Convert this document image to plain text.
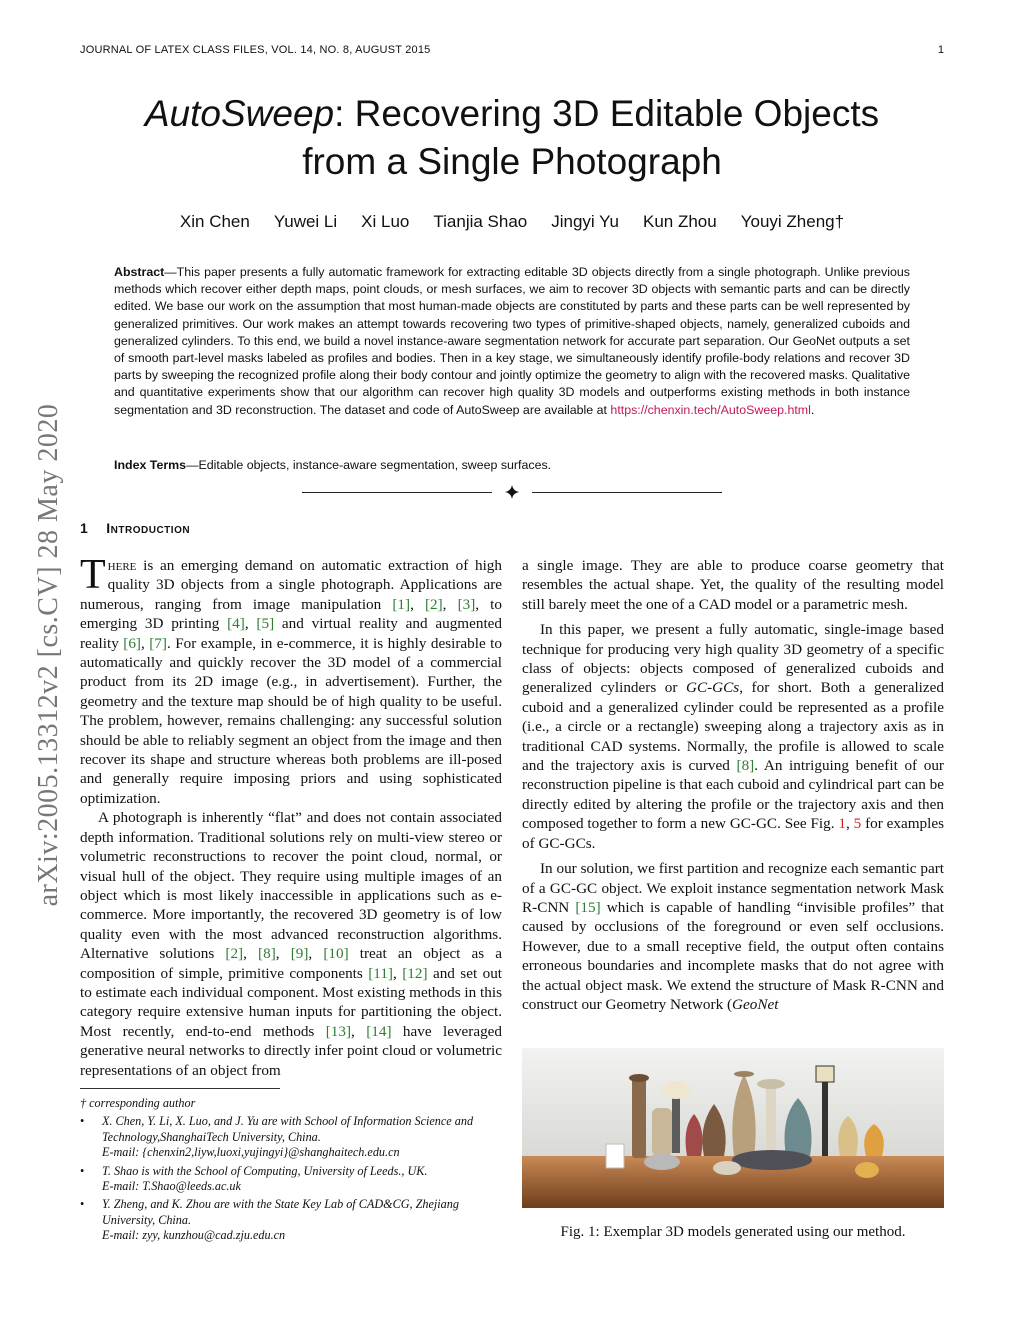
JOURNAL OF LATEX CLASS FILES, VOL. 14, NO. 8, AUGUST 2015	1
arXiv:2005.13312v2 [cs.CV] 28 May 2020
AutoSweep: Recovering 3D Editable Objects
from a Single Photograph
Xin Chen Yuwei Li Xi Luo Tianjia Shao Jingyi Yu Kun Zhou Youyi Zheng†
Abstract—This paper presents a fully automatic framework for extracting editable 3D objects directly from a single photograph. Unlike previous methods which recover either depth maps, point clouds, or mesh surfaces, we aim to recover 3D objects with semantic parts and can be directly edited. We base our work on the assumption that most human-made objects are constituted by parts and these parts can be well represented by generalized primitives. Our work makes an attempt towards recovering two types of primitive-shaped objects, namely, generalized cuboids and generalized cylinders. To this end, we build a novel instance-aware segmentation network for accurate part separation. Our GeoNet outputs a set of smooth part-level masks labeled as profiles and bodies. Then in a key stage, we simultaneously identify profile-body relations and recover 3D parts by sweeping the recognized profile along their body contour and jointly optimize the geometry to align with the recovered masks. Qualitative and quantitative experiments show that our algorithm can recover high quality 3D models and outperforms existing methods in both instance segmentation and 3D reconstruction. The dataset and code of AutoSweep are available at https://chenxin.tech/AutoSweep.html.
Index Terms—Editable objects, instance-aware segmentation, sweep surfaces.
1 Introduction

There is an emerging demand on automatic extraction of high quality 3D objects from a single photograph. Applications are numerous, ranging from image manipulation [1], [2], [3], to emerging 3D printing [4], [5] and virtual reality and augmented reality [6], [7]. For example, in e-commerce, it is highly desirable to automatically and quickly recover the 3D model of a commercial product from its 2D image (e.g., in advertisement). Further, the geometry and the texture map should be of high quality to be useful. The problem, however, remains challenging: any successful solution should be able to reliably segment an object from the image and then recover its shape and structure whereas both problems are ill-posed and generally require imposing priors and using sophisticated optimization.

A photograph is inherently “flat” and does not contain associated depth information. Traditional solutions rely on multi-view stereo or volumetric reconstructions to recover the point cloud, normal, or visual hull of the object. They require using multiple images of an object which is most likely inaccessible in applications such as e-commerce. More importantly, the recovered 3D geometry is of low quality even with the most advanced reconstruction algorithms. Alternative solutions [2], [8], [9], [10] treat an object as a composition of simple, primitive components [11], [12] and set out to estimate each individual component. Most existing methods in this category require extensive human inputs for partitioning the object. Most recently, end-to-end methods [13], [14] have leveraged generative neural networks to directly infer point cloud or volumetric representations of an object from

† corresponding author
• X. Chen, Y. Li, X. Luo, and J. Yu are with School of Information Science and Technology,ShanghaiTech University, China.
E-mail: {chenxin2,liyw,luoxi,yujingyi}@shanghaitech.edu.cn
• T. Shao is with the School of Computing, University of Leeds., UK.
E-mail: T.Shao@leeds.ac.uk
• Y. Zheng, and K. Zhou are with the State Key Lab of CAD&CG, Zhejiang University, China.
E-mail: zyy, kunzhou@cad.zju.edu.cn

a single image. They are able to produce coarse geometry that resembles the actual shape. Yet, the quality of the resulting model still barely meet the one of a CAD model or a parametric mesh.

In this paper, we present a fully automatic, single-image based technique for producing very high quality 3D geometry of a specific class of objects: objects composed of generalized cuboids and generalized cylinders or GC-GCs, for short. Both a generalized cuboid and a generalized cylinder could be represented as a profile (i.e., a circle or a rectangle) sweeping along a trajectory axis as in traditional CAD systems. Normally, the profile is allowed to scale and the trajectory axis is curved [8]. An intriguing benefit of our reconstruction pipeline is that each cuboid and cylindrical part can be directly edited by altering the profile or the trajectory axis and then composed together to form a new GC-GC. See Fig. 1, 5 for examples of GC-GCs.

In our solution, we first partition and recognize each semantic part of a GC-GC object. We exploit instance segmentation network Mask R-CNN [15] which is capable of handling “invisible profiles” that caused by occlusions of the foreground or even self occlusions. However, due to a small receptive field, the output often contains erroneous boundaries and incomplete masks that do not agree with the actual object mask. We extend the structure of Mask R-CNN and construct our Geometry Network (GeoNet

Fig. 1: Exemplar 3D models generated using our method.
